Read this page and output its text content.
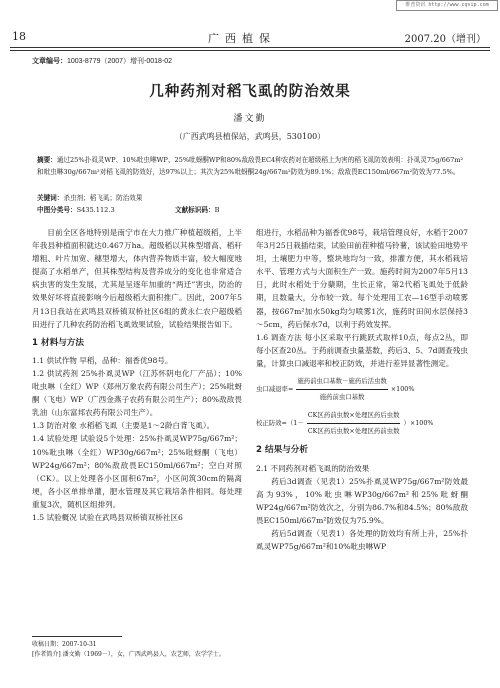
维普资讯 http://www.cqvip.com
18	广西植保	2007.20（增刊）
文章编号：1003-8779（2007）增刊-0018-02
几种药剂对稻飞虱的防治效果
潘文勤
（广西武鸣县植保站，武鸣县，530100）
摘要：通过25%扑虱灵WP、10%吡虫啉WP、25%吡蚜酮WP和80%敌敌畏EC4种农药对在超级稻上为害的稻飞虱防效表明：扑虱灵75g/667m²和吡虫啉30g/667m²对稻飞虱的防效好，达97%以上；其次为25%吡蚜酮24g/667m²防效为89.1%；敌敌畏EC150ml/667m²防效为77.5%。
关键词：杀虫剂；稻飞虱；防治效果
中图分类号：S435.112.3	文献标识码：B

目前全区各地特别是南宁市在大力推广种植超级稻，上半年我县种植面积就达0.467万ha。超级稻以其株型增高、稻秆增粗、叶片加宽、穗型增大，体内营养物质丰富，较大幅度地提高了水稻单产，但其株型结构及营养成分的变化也非常适合病虫害的发生发展，尤其是呈逐年加重的“两迁”害虫，防治的效果好坏将直接影响今后超级稻大面积推广。因此，2007年5月13日我站在武鸣县双桥镇双桥社区6组的黄永仁农户超级稻田进行了几种农药防治稻飞虱效果试验，试验结果报告如下。

1 材料与方法

1.1 供试作物 早稻，品种：福香优98号。

1.2 供试药剂 25%扑虱灵WP（江苏怀阴电化厂产品）；10%吡虫啉（全红）WP（郑州万象农药有限公司生产）；25%吡蚜酮（飞电）WP（广西金燕子农药有限公司生产）；80%敌敌畏乳油（山东富邦农药有限公司生产）。

1.3 防治对象 水稻稻飞虱（主要是1～2龄白背飞虱）。

1.4 试验处理 试验设5个处理：25%扑虱灵WP75g/667m²；10%吡虫啉（全红）WP30g/667m²；25%吡蚜酮（飞电）WP24g/667m²；80%敌敌畏EC150ml/667m²；空白对照（CK）。以上处理各小区面积67m²，小区间筑30cm的隔离埂，各小区单排单灌，肥水管理及其它栽培条件相同。每处理重复3次，随机区组排列。

1.5 试验概况 试验在武鸣县双桥镇双桥社区6

组进行，水稻品种为福香优98号，栽培管理良好，水稻于2007年3月25日栽插结束，试验田前茬种植马铃薯，该试验田地势平坦，土壤肥力中等，整块地均匀一致，排灌方便，其水稻栽培水平、管理方式与大面积生产一致。施药时间为2007年5月13日，此时水稻处于分蘖期，生长正常，第2代稻飞虱处于低龄期，且数量大，分布较一致。每个处理用工农—16型手动喷雾器，按667m²加水50kg均匀喷雾1次，施药时田间水层保持3～5cm，药后保水7d，以利于药效发挥。

1.6 调查方法 每小区采取平行跳跃式取样10点，每点2丛，即每小区查20丛。于药前调查虫量基数，药后3、5、7d调查残虫量，计算虫口减退率和校正防效，并进行差异显著性测定。

虫口减退率= $\frac{\text{施药前虫口基数－施药后活虫数}}{\text{施药前虫口基数}} \times 100\%$
校正防效$=(1- \frac{\text{CK区药前虫数×处理区药后虫数}}{\text{CK区药后虫数×处理区药前虫数}} )\times 100\%$
2 结果与分析

2.1 不同药剂对稻飞虱的防治效果

药后3d调查（见表1）25%扑虱灵WP75g/667m²防效最高为93%，10%吡虫啉WP30g/667m²和25%吡蚜酮WP24g/667m²防效次之，分别为86.7%和84.5%；80%敌敌畏EC150ml/667m²防效仅为75.9%。

药后5d调查（见表1）各处理的防效均有所上升，25%扑虱灵WP75g/667m²和10%吡虫啉WP

收稿日期：2007-10-31
[作者简介] 潘文勤（1969－），女，广西武鸣县人，农艺师，农学学士。
